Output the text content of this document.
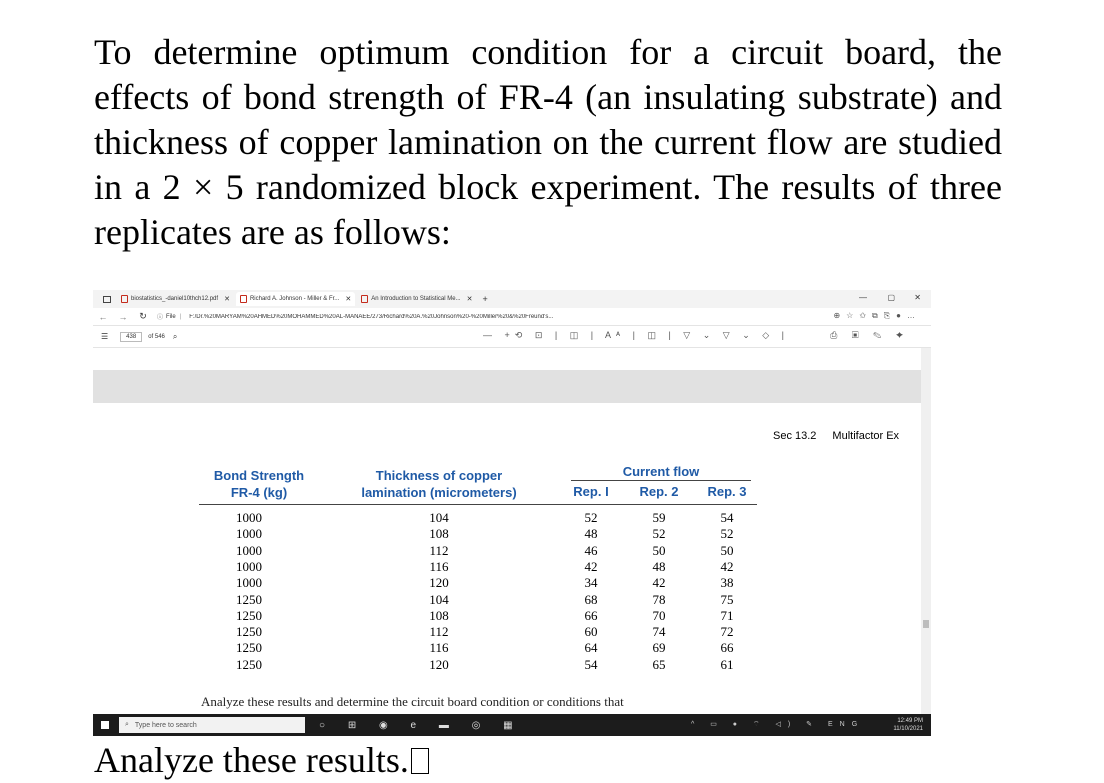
To determine optimum condition for a circuit board, the effects of bond strength of FR-4 (an insulating substrate) and thickness of copper lamination on the current flow are studied in a 2 × 5 randomized block experiment. The results of three replicates are as follows:

biostatistics_-daniel10thch12.pdf ✕	Richard A. Johnson - Miller & Fr... ✕	An Introduction to Statistical Me... ✕ +	—	▢ ✕
←	→	↻	ⓘ File | F:/Dr.%20MARYAM%20AHMED%20MOHAMMED%20AL-MANAEE/273/Richard%20A.%20Johnson%20-%20Miller%20&%20Freund's...	⊕☆✩⧉⎘●…
☰	438	of 546 ⌕	— +⟲ ⊡ | ◫ | Aᴬ | ◫ | ▽ ⌄ ▽ ⌄ ◇ |	⎙ ▣ ✎ ✦
Sec 13.2 Multifactor Ex
Bond Strength
FR-4 (kg)
Thickness of copper
lamination (micrometers)
Current flow
Rep. I	Rep. 2	Rep. 3
1000	104	52	59	54
1000	108	48	52	52
1000	112	46	50	50
1000	116	42	48	42
1000	120	34	42	38
1250	104	68	78	75
1250	108	66	70	71
1250	112	60	74	72
1250	116	64	69	66
1250	120	54	65	61
Analyze these results and determine the circuit board condition or conditions that
⌕ Type here to search	○ ⊞ ◉ e ▬ ◎ ▦	^ ▭ ● ⌔ ◁) ✎ ENG	12:49 PM
11/10/2021
Analyze these results.
